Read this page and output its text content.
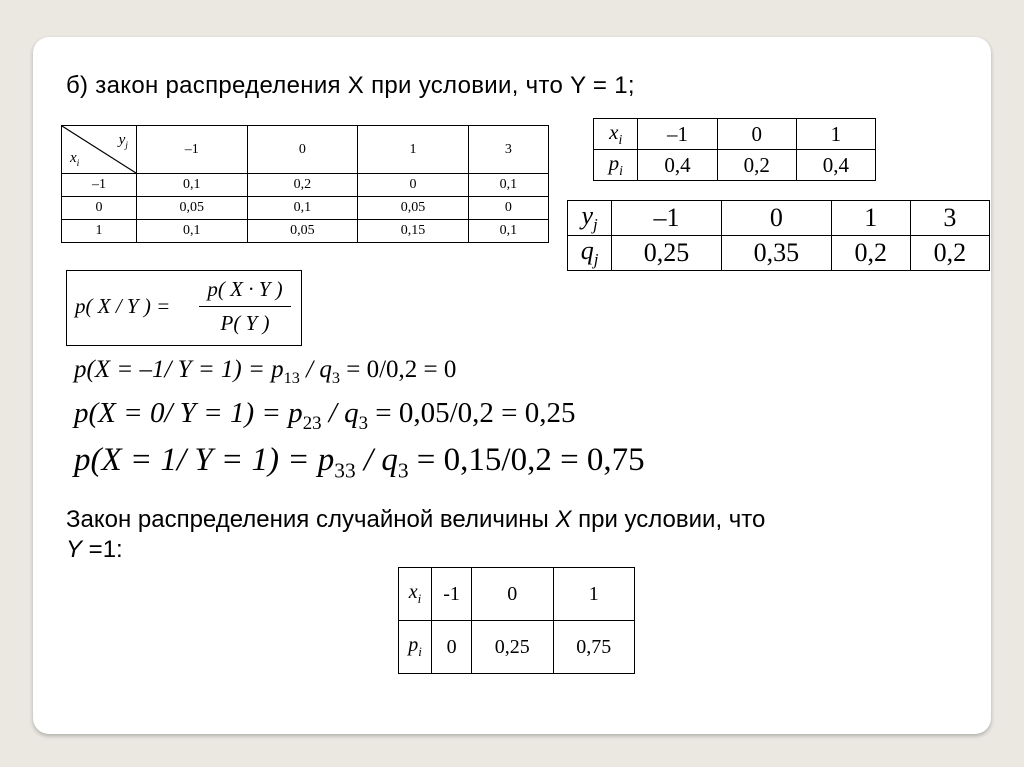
б) закон распределения X при условии, что Y = 1;
$y_j$
$x_i$	–1	0	1	3
–1	0,1	0,2	0	0,1
0	0,05	0,1	0,05	0
1	0,1	0,05	0,15	0,1
$x_i$	–1	0	1
$p_i$	0,4	0,2	0,4
$y_j$	–1	0	1	3
$q_j$	0,25	0,35	0,2	0,2
p( X / Y ) =
p( X · Y )
P( Y )
p(X = –1/ $Y = 1) = p_{13} / q_3 = 0/0,2 = 0$
p(X = 0/ $Y = 1) = p_{23} / q_3 = 0,05/0,2 = 0,25$
p(X = 1/ $Y = 1) = p_{33} / q_3 = 0,15/0,2 = 0,75$
Закон распределения случайной величины X при условии, что
Y =1:
$x_i$	-1	0	1
$p_i$	0	0,25	0,75
